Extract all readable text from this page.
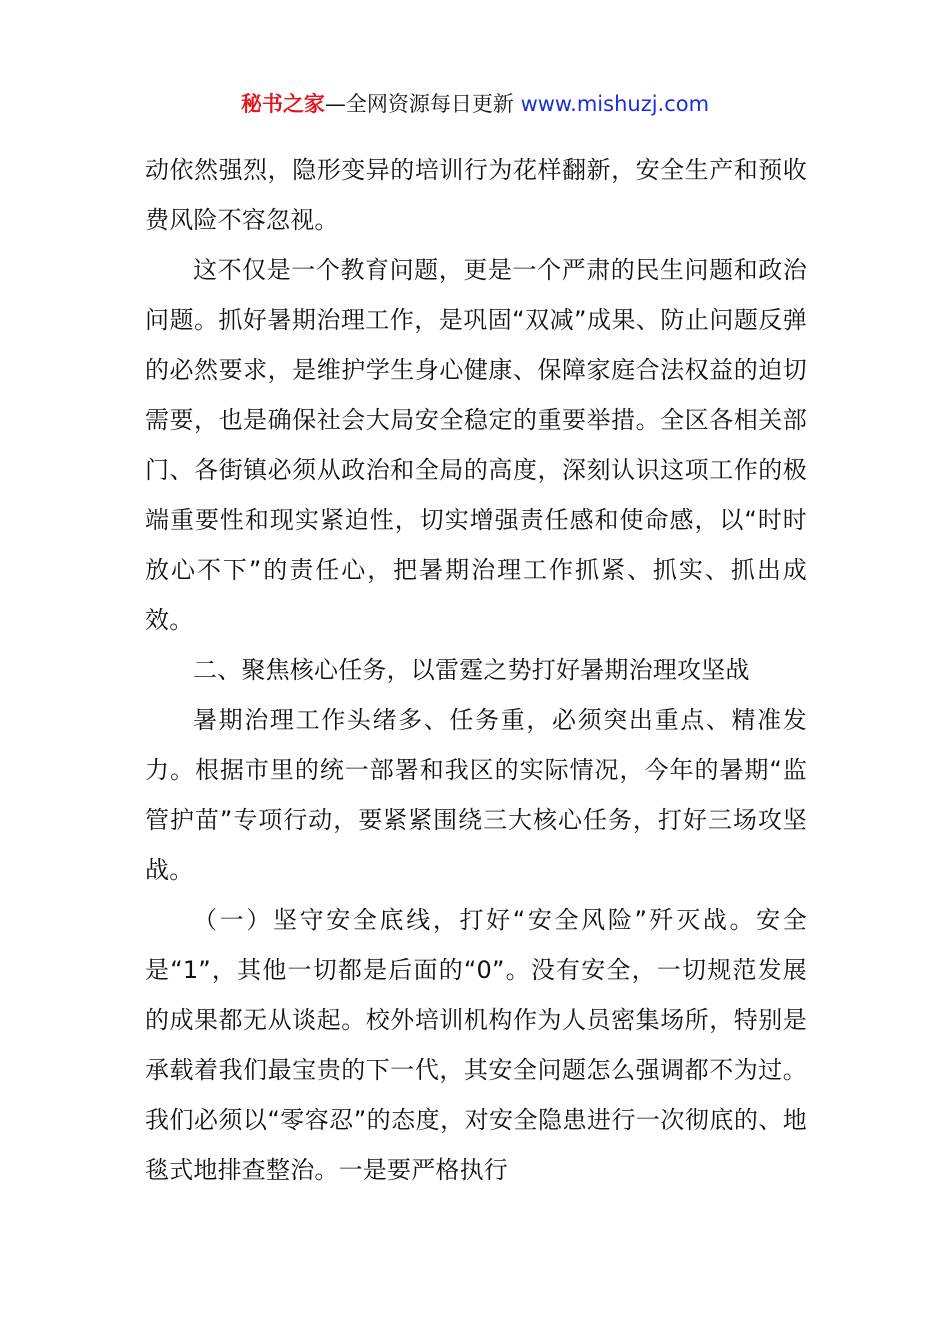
秘书之家—全网资源每日更新 www.mishuzj.com

动依然强烈，隐形变异的培训行为花样翻新，安全生产和预收费风险不容忽视。

这不仅是一个教育问题，更是一个严肃的民生问题和政治问题。抓好暑期治理工作，是巩固“双减”成果、防止问题反弹的必然要求，是维护学生身心健康、保障家庭合法权益的迫切需要，也是确保社会大局安全稳定的重要举措。全区各相关部门、各街镇必须从政治和全局的高度，深刻认识这项工作的极端重要性和现实紧迫性，切实增强责任感和使命感，以“时时放心不下”的责任心，把暑期治理工作抓紧、抓实、抓出成效。

二、聚焦核心任务，以雷霆之势打好暑期治理攻坚战

暑期治理工作头绪多、任务重，必须突出重点、精准发力。根据市里的统一部署和我区的实际情况，今年的暑期“监管护苗”专项行动，要紧紧围绕三大核心任务，打好三场攻坚战。

（一）坚守安全底线，打好“安全风险”歼灭战。安全是“1”，其他一切都是后面的“0”。没有安全，一切规范发展的成果都无从谈起。校外培训机构作为人员密集场所，特别是承载着我们最宝贵的下一代，其安全问题怎么强调都不为过。我们必须以“零容忍”的态度，对安全隐患进行一次彻底的、地毯式地排查整治。一是要严格执行
